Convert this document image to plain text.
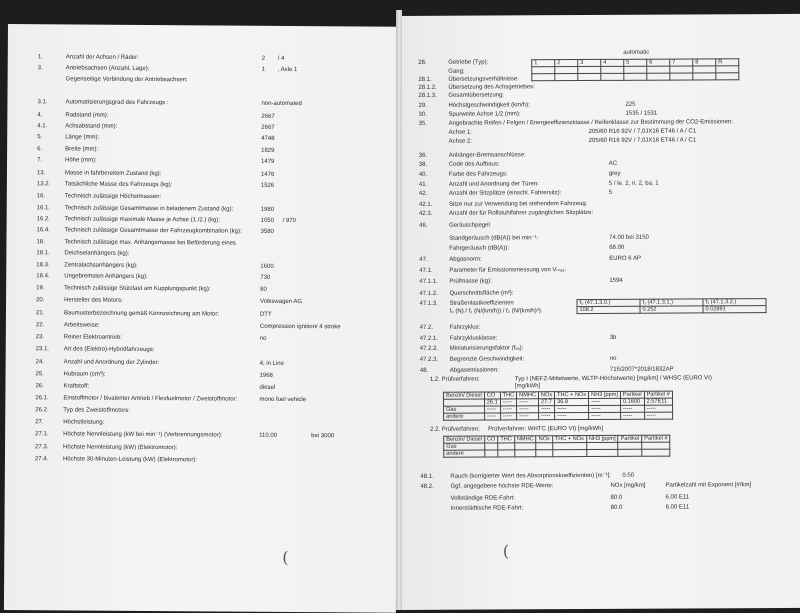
1.	Anzahl der Achsen / Räder:	2 / 4
3.	Antriebsachsen (Anzahl, Lage):	1 , Axle 1
Gegenseitige Verbindung der Antriebsachsen:
3.1.	Automatisierungsgrad des Fahrzeugs :	non-automated
4.	Radstand (mm):	2667
4.1.	Achsabstand (mm):	2667
5.	Länge (mm):	4748
6.	Breite (mm):	1829
7.	Höhe (mm):	1479
13.	Masse in fahrbereitem Zustand (kg):	1476
13.2. Tatsächliche Masse des Fahrzeugs (kg):	1526
16.	Technisch zulässige Höchstmassen:
16.1. Technisch zulässige Gesamtmasse in beladenem Zustand (kg):	1980
16.2. Technisch zulässige maximale Masse je Achse (1./2.) (kg):	1050 / 970
16.4. Technisch zulässige Gesamtmasse der Fahrzeugkombination (kg):	3580
18.	Technisch zulässige max. Anhängemasse bei Beförderung eines
18.1. Deichselanhängers (kg):
18.3. Zentralachsanhängers (kg):	1600
18.4. Ungebremsten Anhängers (kg):	730
19.	Technisch zulässige Stützlast am Kupplungspunkt (kg):	80
20.	Hersteller des Motors:	Volkswagen AG
21.	Baumusterbezeichnung gemäß Kennzeichnung am Motor:	DTT
22.	Arbeitsweise:	Compression ignition/ 4 stroke
23.	Reiner Elektroantrieb:	no
23.1. Art des (Elektro)-Hybridfahrzeugs:
24.	Anzahl und Anordnung der Zylinder:	4; in Line
25.	Hubraum (cm³):	1968
26.	Kraftstoff:	diesel
26.1. Einstoffmotor / bivalenter Antrieb / Flexfuelmotor / Zweistoffmotor:	mono fuel vehicle
26.2. Typ des Zweistoffmotors:
27.	Höchstleistung:
27.1. Höchste Nennleistung (kW bei min⁻¹) (Verbrennungsmotor):	110.00	bei 3000
27.3. Höchste Nennleistung (kW) (Elektromotor):
27.4. Höchste 30-Minuten-Leistung (kW) (Elektromotor):
(
28.	Getriebe (Typ):
Gang:
28.1.	Übersetzungsverhältnisse:
28.1.2. Übersetzung des Achsgetriebes:
28.1.3. Gesamtübersetzung:
29.	Höchstgeschwindigkeit (km/h):	225
30.	Spurweite Achse 1/2 (mm):	1535 / 1531
35.	Angebrachte Reifen / Felgen / Energieeffizienzklasse / Reifenklasse zur Bestimmung der CO2-Emissionen:
Achse 1:	205/60 R16 92V / 7,0JX16 ET46 / A / C1
Achse 2:	205/60 R16 92V / 7,0JX16 ET46 / A / C1
36.	Anhänger-Bremsanschlüsse:
38.	Code des Aufbaus:	AC
40.	Farbe des Fahrzeugs:	grey
41.	Anzahl und Anordnung der Türen:	5 / le. 2, ri. 2, ba. 1
42.	Anzahl der Sitzplätze (einschl. Fahrersitz):	5
42.1.	Sitze nur zur Verwendung bei stehendem Fahrzeug:
42.3.	Anzahl der für Rollstuhlfahrer zugänglichen Sitzplätze:
46.	Geräuschpegel
Standgeräusch (dB(A)) bei min⁻¹:	74.00 bei 3150
Fahrgeräusch (dB(A)):	68.00
47.	Abgasnorm:	EURO 6 AP
47.1.	Parameter für Emissionsmessung von Vₘₐₓ:
47.1.1. Prüfmasse (kg):	1594
47.1.2. Querschnittsfläche (m²):
47.1.3. Straßenlastkoeffizienten
automatic
1	2	3	4	5	6	7	8	R

f₀ (N) / f₁ (N/(km/h)) / f₂ (N/(km/h)²):
f₀ (47.1.3.0.)	f₁ (47.1.3.1.)	f₂ (47.1.3.2.)
108.2	0.252	0.02891
47.2.	Fahrzyklus:
47.2.1. Fahrzyklusklasse:	3b
47.2.2. Miniaturisierungsfaktor (fᵥₐ):
47.2.3. Begrenzte Geschwindigkeit:	no
48.	Abgasemissionen:	715/2007*2018/1832AP
1.2. Prüfverfahren:	Typ I (NEFZ-Mittelwerte, WLTP-Höchstwerte) [mg/km] / WHSC (EURO VI) [mg/kWh]
Benzin/ Diesel	CO	THC	NMHC	NOx	THC + NOx	NH3 [ppm]	Partikel	Partikel #
	26.1	-----	-----	27.7	36.9	-----	0.1600	2.57E11
Gas	-----	-----	-----	-----	-----	-----	-----	-----
andere	-----	-----	-----	-----	-----	-----	-----	-----
2.2. Prüfverfahren: Prüfverfahren: WHTC (EURO VI) [mg/kWh]
Benzin/ Diesel	CO	THC	NMHC	NOx	THC + NOx	NH3 [ppm]	Partikel	Partikel #
Gas								
andere								
48.1.	Rauch (korrigierter Wert des Absorptionskoeffizienten) [m⁻¹]: 0.50
48.2.	Ggf. angegebene höchste RDE-Werte:	NOx [mg/km]	Partikelzahl mit Exponent [#/km]
Vollständige RDE-Fahrt:	80.0	6.00 E11
Innerstädtische RDE-Fahrt:	80.0	6.00 E11
(
